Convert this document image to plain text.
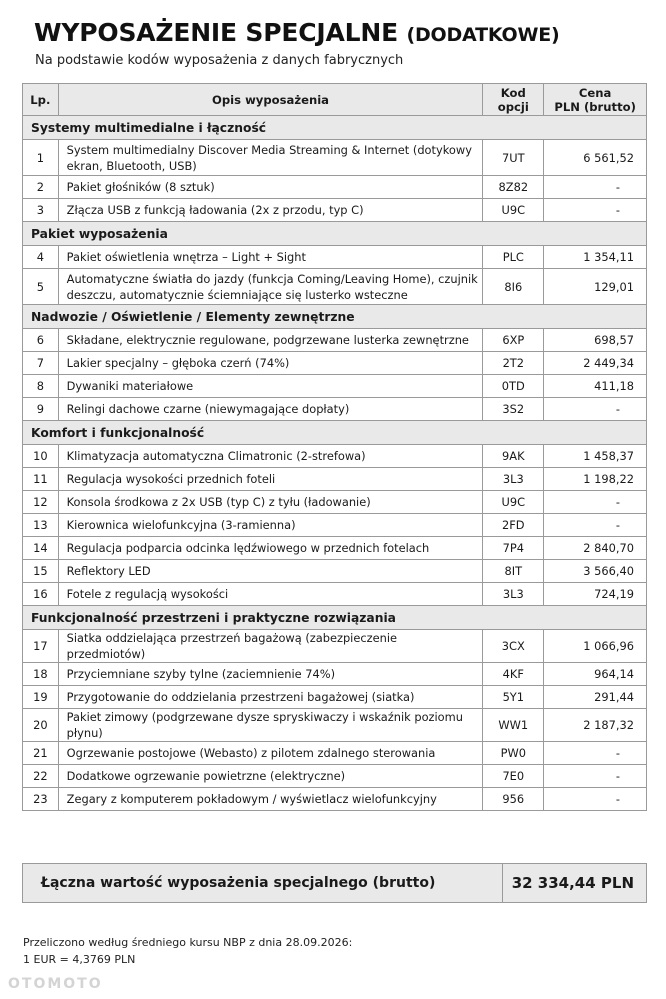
WYPOSAŻENIE SPECJALNE (DODATKOWE)
Na podstawie kodów wyposażenia z danych fabrycznych
Lp.	Opis wyposażenia	Kod opcji	Cena
PLN (brutto)

Systemy multimedialne i łączność			
1	System multimedialny Discover Media Streaming & Internet (dotykowy ekran, Bluetooth, USB)	7UT	6 561,52
2	Pakiet głośników (8 sztuk)	8Z82	-
3	Złącza USB z funkcją ładowania (2x z przodu, typ C)	U9C	-
Pakiet wyposażenia			
4	Pakiet oświetlenia wnętrza – Light + Sight	PLC	1 354,11
5	Automatyczne światła do jazdy (funkcja Coming/Leaving Home), czujnik deszczu, automatycznie ściemniające się lusterko wsteczne	8I6	129,01
Nadwozie / Oświetlenie / Elementy zewnętrzne			
6	Składane, elektrycznie regulowane, podgrzewane lusterka zewnętrzne	6XP	698,57
7	Lakier specjalny – głęboka czerń (74%)	2T2	2 449,34
8	Dywaniki materiałowe	0TD	411,18
9	Relingi dachowe czarne (niewymagające dopłaty)	3S2	-
Komfort i funkcjonalność			
10	Klimatyzacja automatyczna Climatronic (2-strefowa)	9AK	1 458,37
11	Regulacja wysokości przednich foteli	3L3	1 198,22
12	Konsola środkowa z 2x USB (typ C) z tyłu (ładowanie)	U9C	-
13	Kierownica wielofunkcyjna (3-ramienna)	2FD	-
14	Regulacja podparcia odcinka lędźwiowego w przednich fotelach	7P4	2 840,70
15	Reflektory LED	8IT	3 566,40
16	Fotele z regulacją wysokości	3L3	724,19
Funkcjonalność przestrzeni i praktyczne rozwiązania			
17	Siatka oddzielająca przestrzeń bagażową (zabezpieczenie przedmiotów)	3CX	1 066,96
18	Przyciemniane szyby tylne (zaciemnienie 74%)	4KF	964,14
19	Przygotowanie do oddzielania przestrzeni bagażowej (siatka)	5Y1	291,44
20	Pakiet zimowy (podgrzewane dysze spryskiwaczy i wskaźnik poziomu płynu)	WW1	2 187,32
21	Ogrzewanie postojowe (Webasto) z pilotem zdalnego sterowania	PW0	-
22	Dodatkowe ogrzewanie powietrzne (elektryczne)	7E0	-
23	Zegary z komputerem pokładowym / wyświetlacz wielofunkcyjny	956	-
Łączna wartość wyposażenia specjalnego (brutto)	32 334,44 PLN
Przeliczono według średniego kursu NBP z dnia 28.09.2026:
1 EUR = 4,3769 PLN
OTOMOTO
